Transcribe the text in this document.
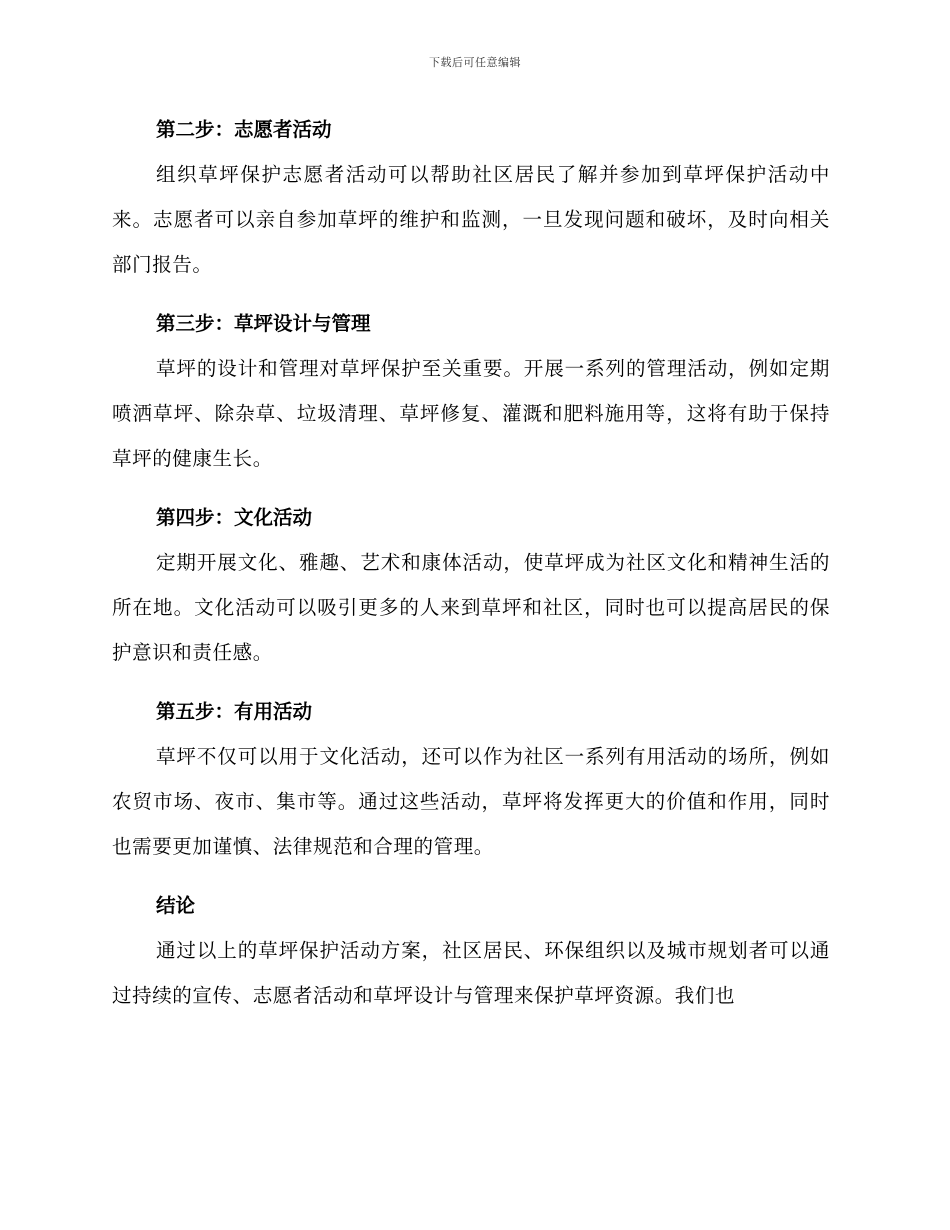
下载后可任意编辑
第二步：志愿者活动

组织草坪保护志愿者活动可以帮助社区居民了解并参加到草坪保护活动中来。志愿者可以亲自参加草坪的维护和监测，一旦发现问题和破坏，及时向相关部门报告。

第三步：草坪设计与管理

草坪的设计和管理对草坪保护至关重要。开展一系列的管理活动，例如定期喷洒草坪、除杂草、垃圾清理、草坪修复、灌溉和肥料施用等，这将有助于保持草坪的健康生长。

第四步：文化活动

定期开展文化、雅趣、艺术和康体活动，使草坪成为社区文化和精神生活的所在地。文化活动可以吸引更多的人来到草坪和社区，同时也可以提高居民的保护意识和责任感。

第五步：有用活动

草坪不仅可以用于文化活动，还可以作为社区一系列有用活动的场所，例如农贸市场、夜市、集市等。通过这些活动，草坪将发挥更大的价值和作用，同时也需要更加谨慎、法律规范和合理的管理。

结论

通过以上的草坪保护活动方案，社区居民、环保组织以及城市规划者可以通过持续的宣传、志愿者活动和草坪设计与管理来保护草坪资源。我们也
